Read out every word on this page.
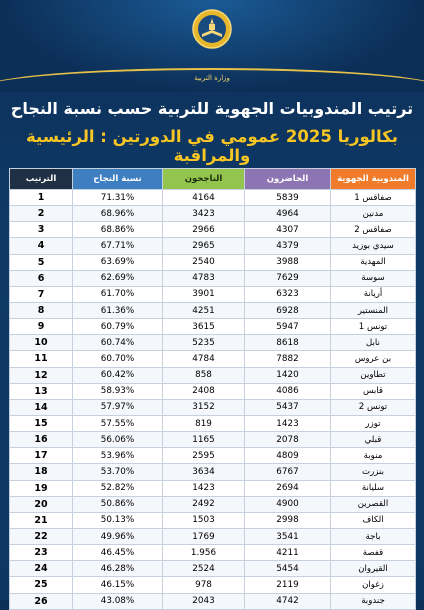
وزارة التربية
ترتيب المندوبيات الجهوية للتربية حسب نسبة النجاح
بكالوريا 2025 عمومي في الدورتين : الرئيسية والمراقبة
الترتيب	نسبة النجاح	الناجحون	الحاضرون	المندوبية الجهوية
1	71.31%	4164	5839	صفاقس 1
2	68.96%	3423	4964	مدنين
3	68.86%	2966	4307	صفاقس 2
4	67.71%	2965	4379	سيدي بوزيد
5	63.69%	2540	3988	المهدية
6	62.69%	4783	7629	سوسة
7	61.70%	3901	6323	أريانة
8	61.36%	4251	6928	المنستير
9	60.79%	3615	5947	تونس 1
10	60.74%	5235	8618	نابل
11	60.70%	4784	7882	بن عروس
12	60.42%	858	1420	تطاوين
13	58.93%	2408	4086	قابس
14	57.97%	3152	5437	تونس 2
15	57.55%	819	1423	توزر
16	56.06%	1165	2078	قبلي
17	53.96%	2595	4809	منوبة
18	53.70%	3634	6767	بنزرت
19	52.82%	1423	2694	سليانة
20	50.86%	2492	4900	القصرين
21	50.13%	1503	2998	الكاف
22	49.96%	1769	3541	باجة
23	46.45%	1.956	4211	قفصة
24	46.28%	2524	5454	القيروان
25	46.15%	978	2119	زغوان
26	43.08%	2043	4742	جندوبة
